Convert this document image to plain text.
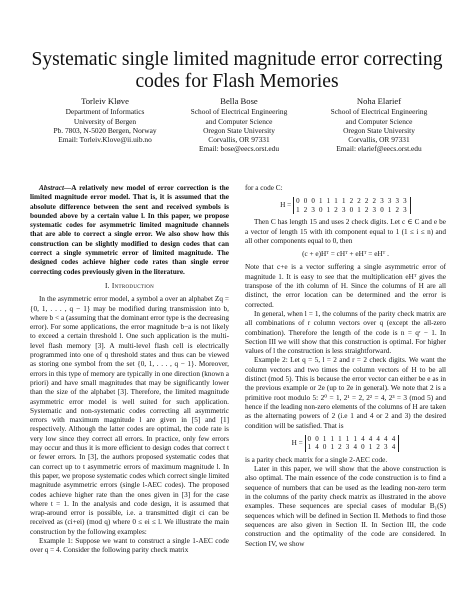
Systematic single limited magnitude error correcting
codes for Flash Memories
Torleiv Kløve
Department of Informatics
University of Bergen
Pb. 7803, N-5020 Bergen, Norway
Email: Torleiv.Klove@ii.uib.no
Bella Bose
School of Electrical Engineering
and Computer Science
Oregon State University
Corvallis, OR 97331
Email: bose@eecs.orst.edu
Noha Elarief
School of Electrical Engineering
and Computer Science
Oregon State University
Corvallis, OR 97331
Email: elarief@eecs.orst.edu

Abstract—A relatively new model of error correction is the limited magnitude error model. That is, it is assumed that the absolute difference between the sent and received symbols is bounded above by a certain value l. In this paper, we propose systematic codes for asymmetric limited magnitude channels that are able to correct a single error. We also show how this construction can be slightly modified to design codes that can correct a single symmetric error of limited magnitude. The designed codes achieve higher code rates than single error correcting codes previously given in the literature.

I. Introduction

In the asymmetric error model, a symbol a over an alphabet Zq = {0, 1, . . . , q − 1} may be modified during transmission into b, where b < a (assuming that the dominant error type is the decreasing error). For some applications, the error magnitude b−a is not likely to exceed a certain threshold l. One such application is the multi-level flash memory [3]. A multi-level flash cell is electrically programmed into one of q threshold states and thus can be viewed as storing one symbol from the set {0, 1, . . . , q − 1}. Moreover, errors in this type of memory are typically in one direction (known a priori) and have small magnitudes that may be significantly lower than the size of the alphabet [3]. Therefore, the limited magnitude asymmetric error model is well suited for such application. Systematic and non-systematic codes correcting all asymmetric errors with maximum magnitude l are given in [5] and [1] respectively. Although the latter codes are optimal, the code rate is very low since they correct all errors. In practice, only few errors may occur and thus it is more efficient to design codes that correct t or fewer errors. In [3], the authors proposed systematic codes that can correct up to t asymmetric errors of maximum magnitude l. In this paper, we propose systematic codes which correct single limited magnitude asymmetric errors (single l-AEC codes). The proposed codes achieve higher rate than the ones given in [3] for the case where t = 1. In the analysis and code design, it is assumed that wrap-around error is possible, i.e. a transmitted digit ci can be received as (ci+ei) (mod q) where 0 ≤ ei ≤ l. We illustrate the main construction by the following examples:

Example 1: Suppose we want to construct a single 1-AEC code over q = 4. Consider the following parity check matrix

for a code C:

H =
0 0 0 1 1 1 1 2 2 2 2 3 3 3 3
1 2 3 0 1 2 3 0 1 2 3 0 1 2 3

Then C has length 15 and uses 2 check digits. Let c ∈ C and e be a vector of length 15 with ith component equal to 1 (1 ≤ i ≤ n) and all other components equal to 0, then

(c + e)Hᵀ = cHᵀ + eHᵀ = eHᵀ .

Note that c+e is a vector suffering a single asymmetric error of magnitude 1. It is easy to see that the multiplication eHᵀ gives the transpose of the ith column of H. Since the columns of H are all distinct, the error location can be determined and the error is corrected.

In general, when l = 1, the columns of the parity check matrix are all combinations of r column vectors over q (except the all-zero combination). Therefore the length of the code is n = qʳ − 1. In Section III we will show that this construction is optimal. For higher values of l the construction is less straightforward.

Example 2: Let q = 5, l = 2 and r = 2 check digits. We want the column vectors and two times the column vectors of H to be all distinct (mod 5). This is because the error vector can either be e as in the previous example or 2e (up to 2e in general). We note that 2 is a primitive root modulo 5: 2⁰ = 1, 2¹ = 2, 2² = 4, 2³ = 3 (mod 5) and hence if the leading non-zero elements of the columns of H are taken as the alternating powers of 2 (i.e 1 and 4 or 2 and 3) the desired condition will be satisfied. That is

H =
0 0 1 1 1 1 1 4 4 4 4 4
1 4 0 1 2 3 4 0 1 2 3 4

is a parity check matrix for a single 2-AEC code.

Later in this paper, we will show that the above construction is also optimal. The main essence of the code construction is to find a sequence of numbers that can be used as the leading non-zero term in the columns of the parity check matrix as illustrated in the above examples. These sequences are special cases of modular B₁(S) sequences which will be defined in Section II. Methods to find those sequences are also given in Section II. In Section III, the code construction and the optimality of the code are considered. In Section IV, we show
